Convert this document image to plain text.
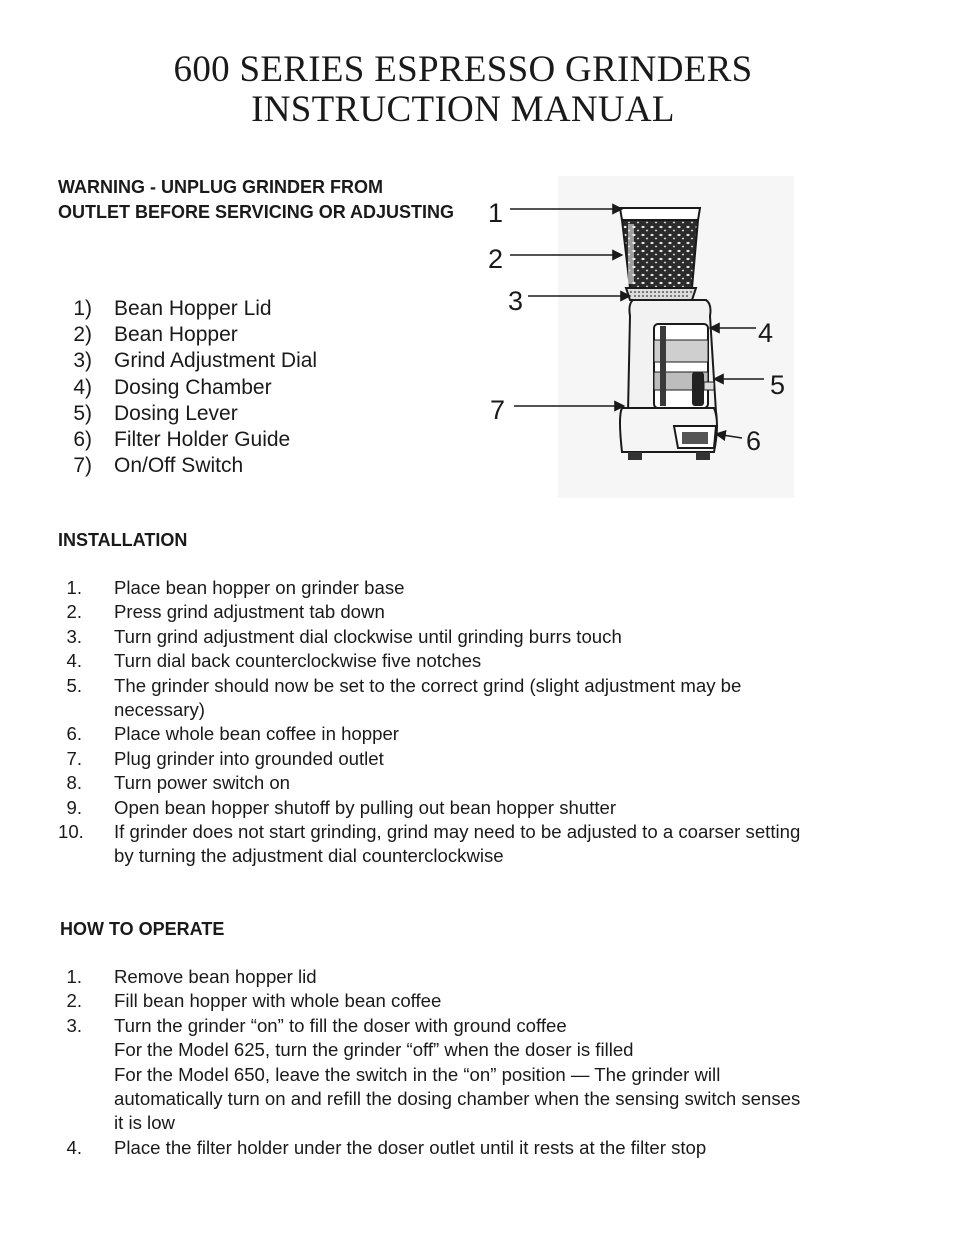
600 SERIES ESPRESSO GRINDERS
INSTRUCTION MANUAL
WARNING - UNPLUG GRINDER FROM OUTLET BEFORE SERVICING OR ADJUSTING
1) Bean Hopper Lid
2) Bean Hopper
3) Grind Adjustment Dial
4) Dosing Chamber
5) Dosing Lever
6) Filter Holder Guide
7) On/Off Switch
1
2
3
4
5
6
7
INSTALLATION
1. Place bean hopper on grinder base
2. Press grind adjustment tab down
3. Turn grind adjustment dial clockwise until grinding burrs touch
4. Turn dial back counterclockwise five notches
5. The grinder should now be set to the correct grind (slight adjustment may be necessary)
6. Place whole bean coffee in hopper
7. Plug grinder into grounded outlet
8. Turn power switch on
9. Open bean hopper shutoff by pulling out bean hopper shutter
10. If grinder does not start grinding, grind may need to be adjusted to a coarser setting by turning the adjustment dial counterclockwise
HOW TO OPERATE
1. Remove bean hopper lid
2. Fill bean hopper with whole bean coffee
3. Turn the grinder “on” to fill the doser with ground coffee
For the Model 625, turn the grinder “off” when the doser is filled
For the Model 650, leave the switch in the “on” position — The grinder will automatically turn on and refill the dosing chamber when the sensing switch senses it is low
4. Place the filter holder under the doser outlet until it rests at the filter stop
